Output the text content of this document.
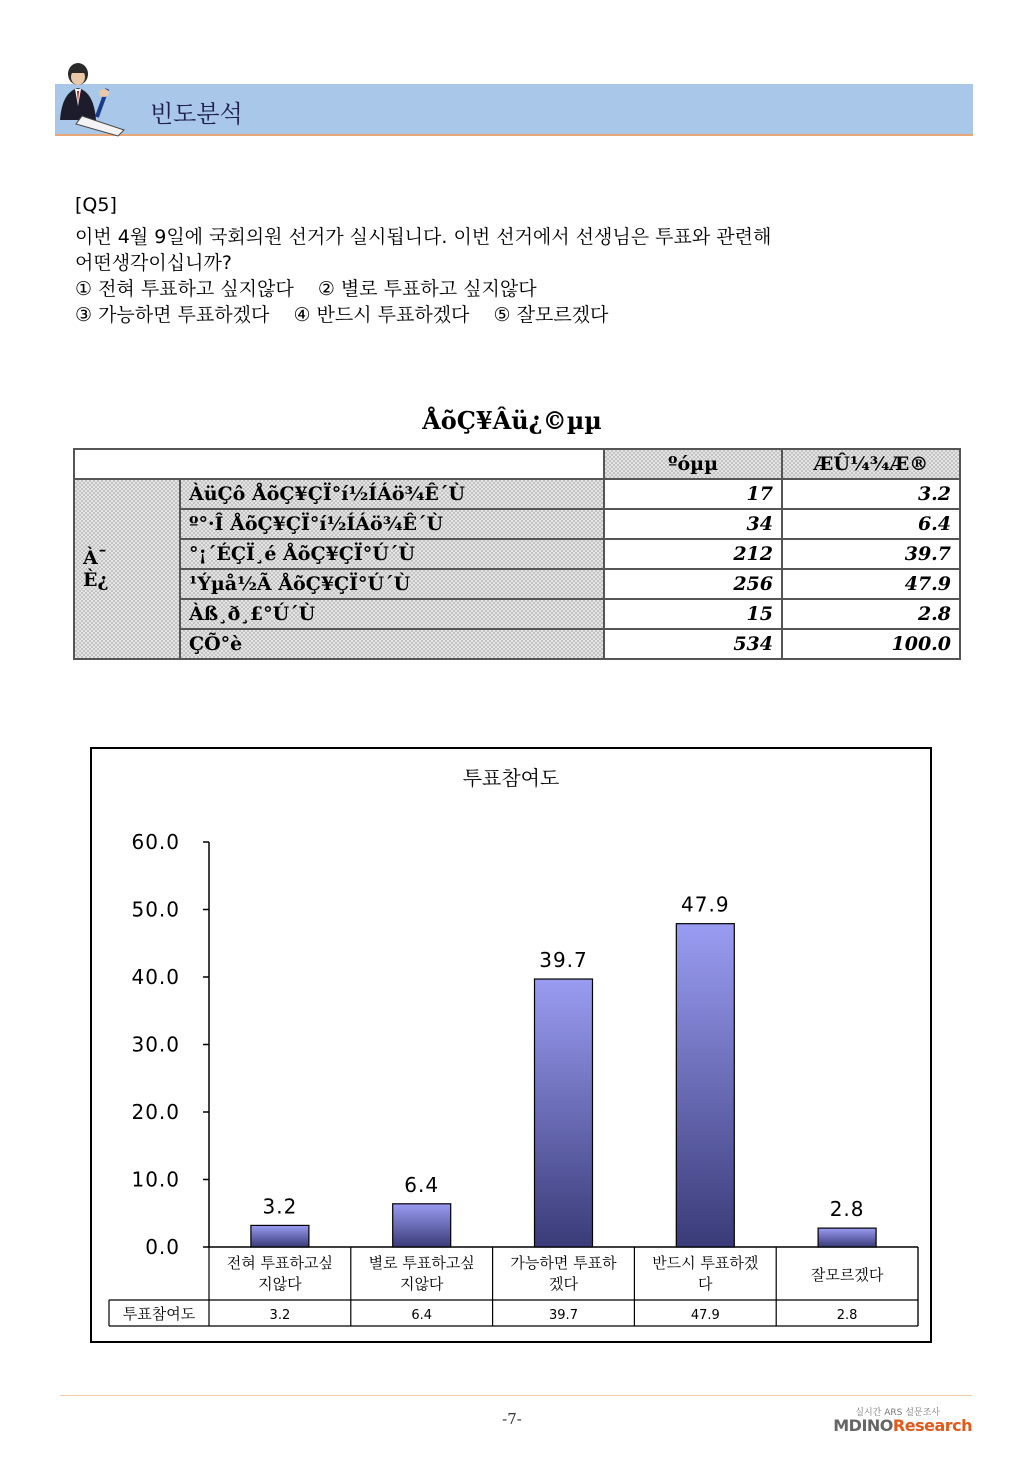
빈도분석
[Q5]
이번 4월 9일에 국회의원 선거가 실시됩니다. 이번 선거에서 선생님은 투표와 관련해
어떤생각이십니까?
① 전혀 투표하고 싶지않다    ② 별로 투표하고 싶지않다
③ 가능하면 투표하겠다    ④ 반드시 투표하겠다    ⑤ 잘모르겠다
ÅõÇ¥Âü¿©µµ
		ºóµµ	ÆÛ¼¾Æ®

À¯
È¿	ÀüÇô ÅõÇ¥ÇÏ°í½ÍÁö¾Ê´Ù	17	3.2
	º°·Î ÅõÇ¥ÇÏ°í½ÍÁö¾Ê´Ù	34	6.4
	°¡´ÉÇÏ¸é ÅõÇ¥ÇÏ°Ú´Ù	212	39.7
	¹Ýµå½Ã ÅõÇ¥ÇÏ°Ú´Ù	256	47.9
	Àß¸ð¸£°Ú´Ù	15	2.8
	ÇÕ°è	534	100.0
투표참여도
0.0
10.0
20.0
30.0
40.0
50.0
60.0
투표참여도
3.2
전혀 투표하고싶
지않다
3.2
6.4
별로 투표하고싶
지않다
6.4
39.7
가능하면 투표하
겠다
39.7
47.9
반드시 투표하겠
다
47.9
2.8
잘모르겠다
2.8
-7-	실시간 ARS 설문조사
MDINOResearch
